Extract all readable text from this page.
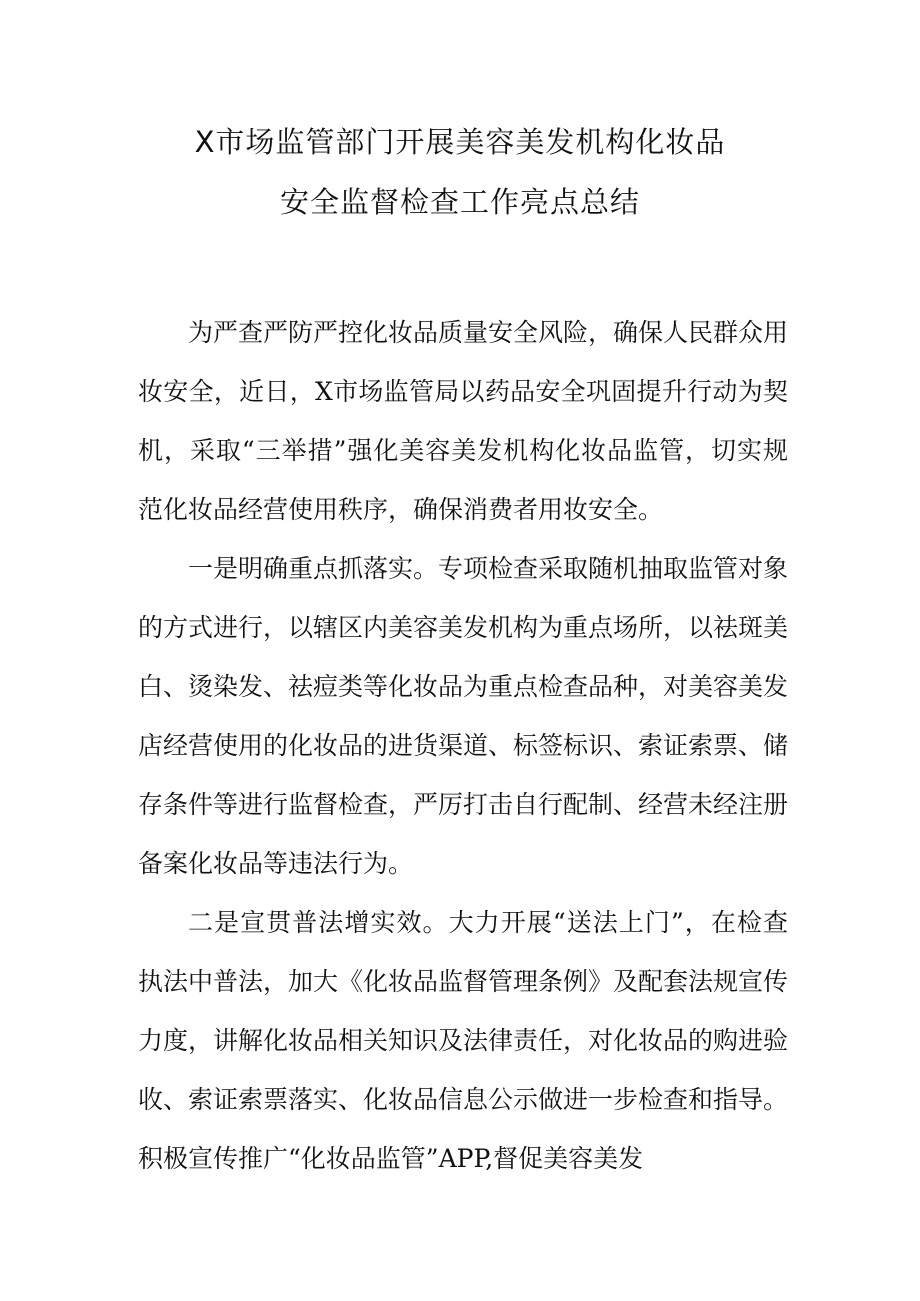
X市场监管部门开展美容美发机构化妆品
安全监督检查工作亮点总结

为严查严防严控化妆品质量安全风险，确保人民群众用妆安全，近日，X市场监管局以药品安全巩固提升行动为契机，采取“三举措”强化美容美发机构化妆品监管，切实规范化妆品经营使用秩序，确保消费者用妆安全。

一是明确重点抓落实。专项检查采取随机抽取监管对象的方式进行，以辖区内美容美发机构为重点场所，以祛斑美白、烫染发、祛痘类等化妆品为重点检查品种，对美容美发店经营使用的化妆品的进货渠道、标签标识、索证索票、储存条件等进行监督检查，严厉打击自行配制、经营未经注册备案化妆品等违法行为。

二是宣贯普法增实效。大力开展“送法上门”，在检查执法中普法，加大《化妆品监督管理条例》及配套法规宣传力度，讲解化妆品相关知识及法律责任，对化妆品的购进验收、索证索票落实、化妆品信息公示做进一步检查和指导。积极宣传推广“化妆品监管”APP,督促美容美发
